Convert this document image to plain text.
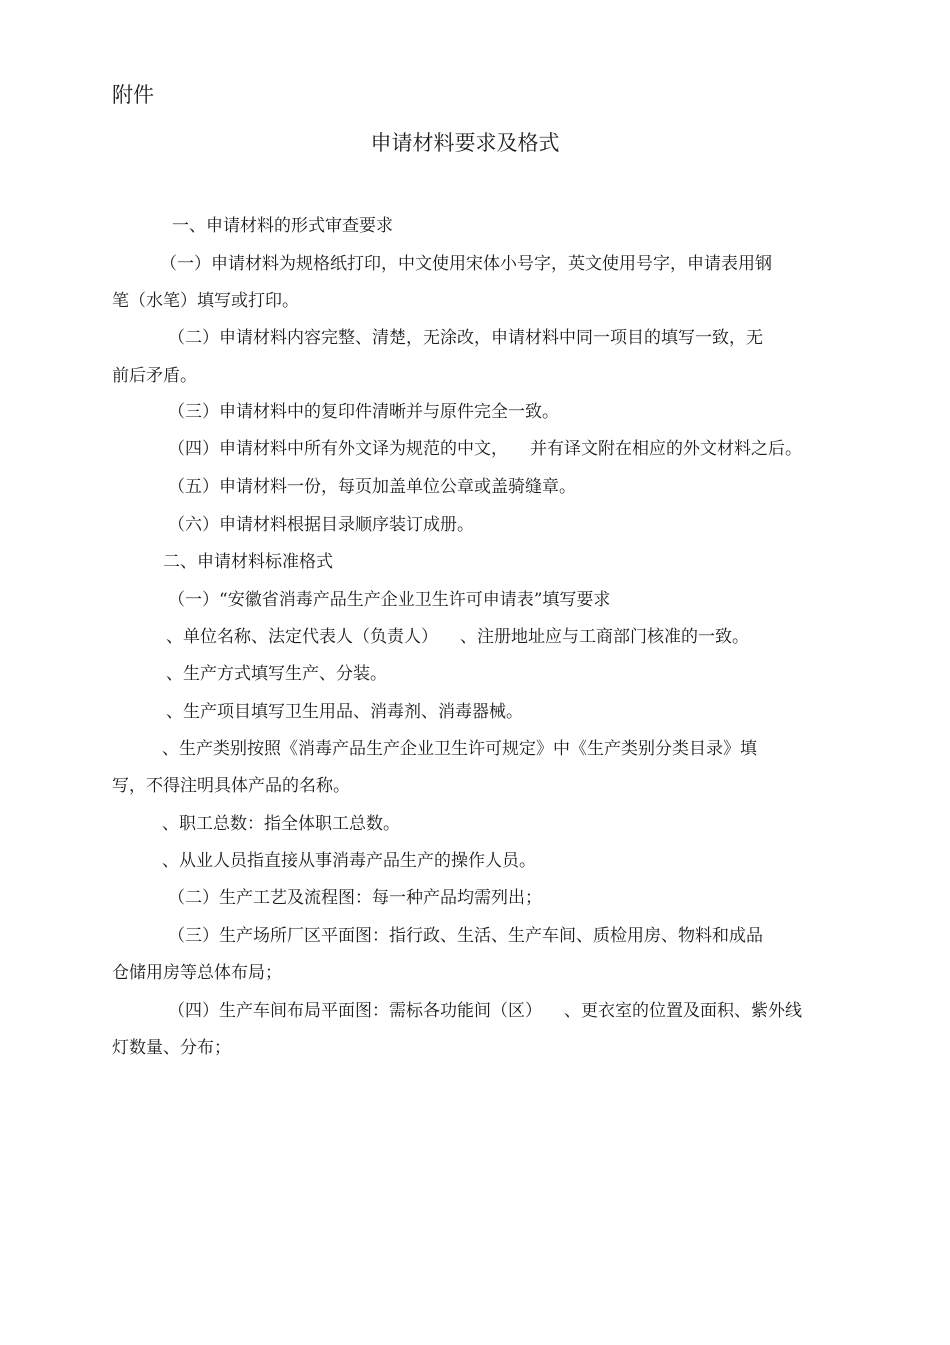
附件
申请材料要求及格式
一、申请材料的形式审查要求
（一）申请材料为规格纸打印，中文使用宋体小号字，英文使用号字，申请表用钢
笔（水笔）填写或打印。
（二）申请材料内容完整、清楚，无涂改，申请材料中同一项目的填写一致，无
前后矛盾。
（三）申请材料中的复印件清晰并与原件完全一致。
（四）申请材料中所有外文译为规范的中文， 并有译文附在相应的外文材料之后。
（五）申请材料一份，每页加盖单位公章或盖骑缝章。
（六）申请材料根据目录顺序装订成册。
二、申请材料标准格式
（一）“安徽省消毒产品生产企业卫生许可申请表”填写要求
、单位名称、法定代表人（负责人） 、注册地址应与工商部门核准的一致。
、生产方式填写生产、分装。
、生产项目填写卫生用品、消毒剂、消毒器械。
、生产类别按照《消毒产品生产企业卫生许可规定》中《生产类别分类目录》填
写，不得注明具体产品的名称。
、职工总数：指全体职工总数。
、从业人员指直接从事消毒产品生产的操作人员。
（二）生产工艺及流程图：每一种产品均需列出；
（三）生产场所厂区平面图：指行政、生活、生产车间、质检用房、物料和成品
仓储用房等总体布局；
（四）生产车间布局平面图：需标各功能间（区） 、更衣室的位置及面积、紫外线
灯数量、分布；
